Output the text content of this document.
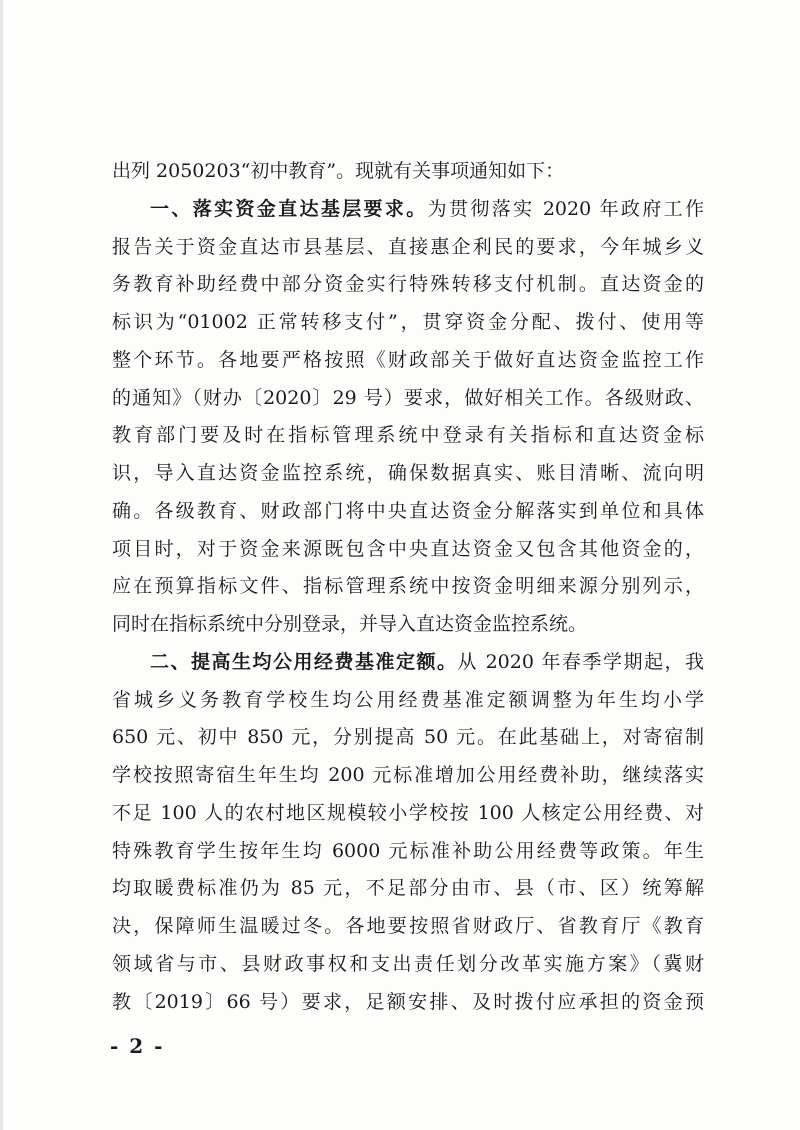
出列 2050203“初中教育”。现就有关事项通知如下：
一、落实资金直达基层要求。为贯彻落实 2020 年政府工作
报告关于资金直达市县基层、直接惠企利民的要求，今年城乡义
务教育补助经费中部分资金实行特殊转移支付机制。直达资金的
标识为“01002 正常转移支付”，贯穿资金分配、拨付、使用等
整个环节。各地要严格按照《财政部关于做好直达资金监控工作
的通知》（财办〔2020〕29 号）要求，做好相关工作。各级财政、
教育部门要及时在指标管理系统中登录有关指标和直达资金标
识，导入直达资金监控系统，确保数据真实、账目清晰、流向明
确。各级教育、财政部门将中央直达资金分解落实到单位和具体
项目时，对于资金来源既包含中央直达资金又包含其他资金的，
应在预算指标文件、指标管理系统中按资金明细来源分别列示，
同时在指标系统中分别登录，并导入直达资金监控系统。
二、提高生均公用经费基准定额。从 2020 年春季学期起，我
省城乡义务教育学校生均公用经费基准定额调整为年生均小学
650 元、初中 850 元，分别提高 50 元。在此基础上，对寄宿制
学校按照寄宿生年生均 200 元标准增加公用经费补助，继续落实
不足 100 人的农村地区规模较小学校按 100 人核定公用经费、对
特殊教育学生按年生均 6000 元标准补助公用经费等政策。年生
均取暖费标准仍为 85 元，不足部分由市、县（市、区）统筹解
决，保障师生温暖过冬。各地要按照省财政厅、省教育厅《教育
领域省与市、县财政事权和支出责任划分改革实施方案》（冀财
教〔2019〕66 号）要求，足额安排、及时拨付应承担的资金预
- 2 -
